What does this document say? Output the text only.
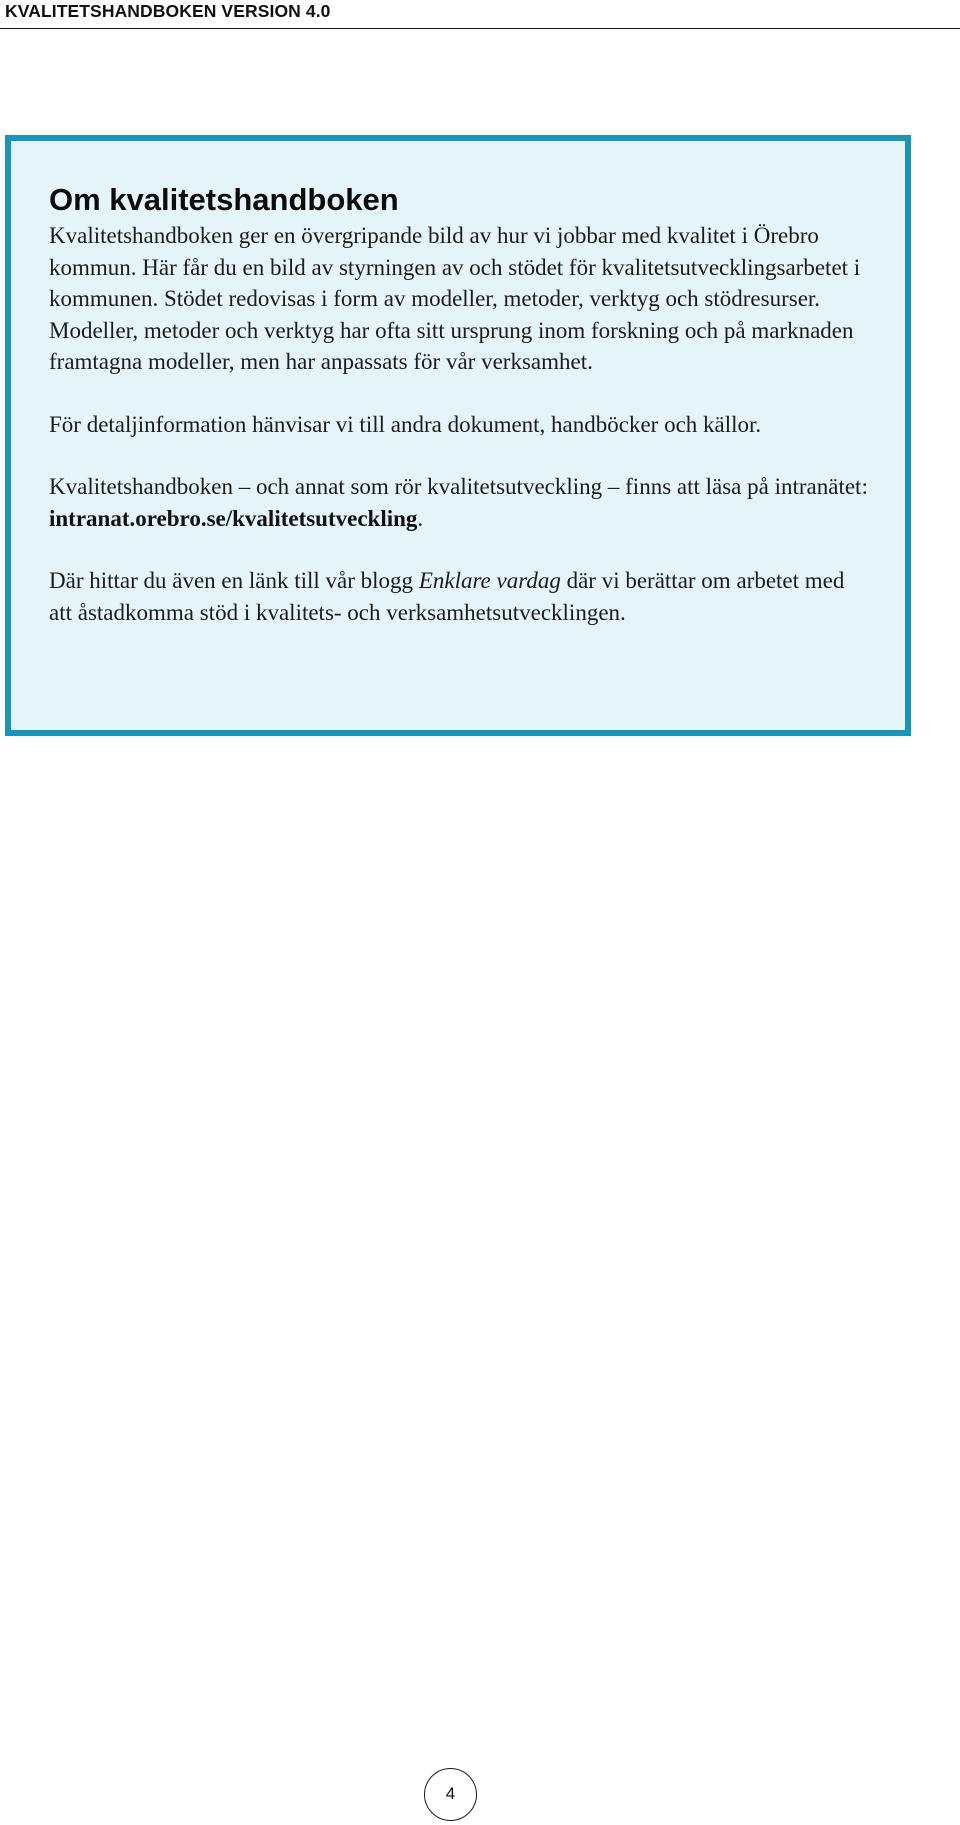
KVALITETSHANDBOKEN VERSION 4.0
Om kvalitetshandboken

Kvalitetshandboken ger en övergripande bild av hur vi jobbar med kvalitet i Örebro kommun. Här får du en bild av styrningen av och stödet för kvalitetsutvecklingsarbetet i kommunen. Stödet redovisas i form av modeller, metoder, verktyg och stödresurser. Modeller, metoder och verktyg har ofta sitt ursprung inom forskning och på marknaden framtagna modeller, men har anpassats för vår verksamhet.

För detaljinformation hänvisar vi till andra dokument, handböcker och källor.

Kvalitetshandboken – och annat som rör kvalitetsutveckling – finns att läsa på intranätet: intranat.orebro.se/kvalitetsutveckling.

Där hittar du även en länk till vår blogg Enklare vardag där vi berättar om arbetet med att åstadkomma stöd i kvalitets- och verksamhetsutvecklingen.

4
